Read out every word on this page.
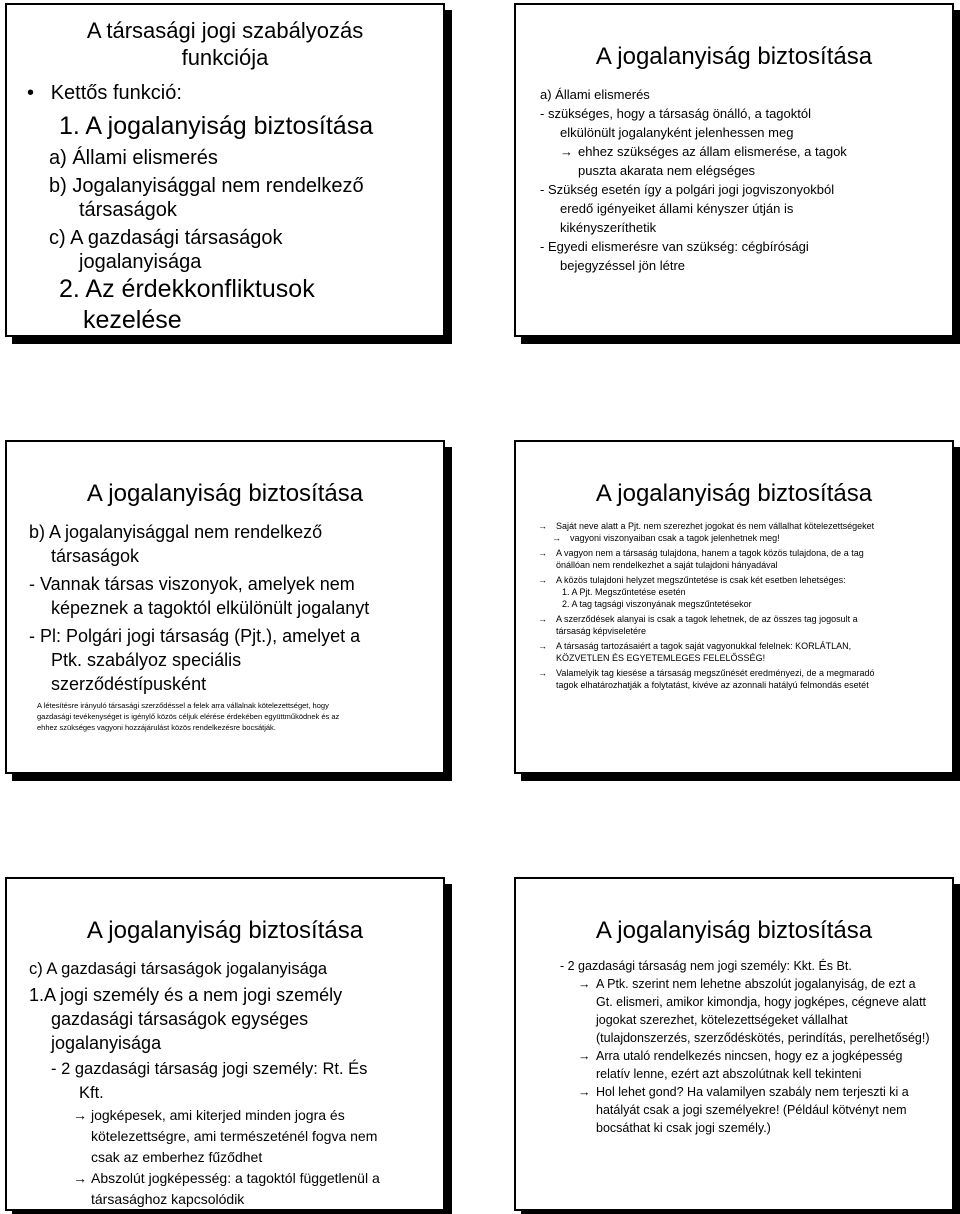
A társasági jogi szabályozás
funkciója
• Kettős funkció:
1. A jogalanyiság biztosítása
a) Állami elismerés
b) Jogalanyisággal nem rendelkező
társaságok
c) A gazdasági társaságok
jogalanyisága
2. Az érdekkonfliktusok
kezelése
A jogalanyiság biztosítása
a) Állami elismerés
- szükséges, hogy a társaság önálló, a tagoktól
elkülönült jogalanyként jelenhessen meg
→ ehhez szükséges az állam elismerése, a tagok
puszta akarata nem elégséges
- Szükség esetén így a polgári jogi jogviszonyokból
eredő igényeiket állami kényszer útján is
kikényszeríthetik
- Egyedi elismerésre van szükség: cégbírósági
bejegyzéssel jön létre
A jogalanyiság biztosítása
b) A jogalanyisággal nem rendelkező
társaságok
- Vannak társas viszonyok, amelyek nem
képeznek a tagoktól elkülönült jogalanyt
- Pl: Polgári jogi társaság (Pjt.), amelyet a
Ptk. szabályoz speciális
szerződéstípusként
A létesítésre irányuló társasági szerződéssel a felek arra vállalnak kötelezettséget, hogy
gazdasági tevékenységet is igénylő közös céljuk elérése érdekében együttműködnek és az
ehhez szükséges vagyoni hozzájárulást közös rendelkezésre bocsátják.
A jogalanyiság biztosítása
→ Saját neve alatt a Pjt. nem szerezhet jogokat és nem vállalhat kötelezettségeket
→ vagyoni viszonyaiban csak a tagok jelenhetnek meg!
→ A vagyon nem a társaság tulajdona, hanem a tagok közös tulajdona, de a tag
önállóan nem rendelkezhet a saját tulajdoni hányadával
→ A közös tulajdoni helyzet megszűntetése is csak két esetben lehetséges:
1. A Pjt. Megszűntetése esetén
2. A tag tagsági viszonyának megszűntetésekor
→ A szerződések alanyai is csak a tagok lehetnek, de az összes tag jogosult a
társaság képviseletére
→ A társaság tartozásaiért a tagok saját vagyonukkal felelnek: KORLÁTLAN,
KÖZVETLEN ÉS EGYETEMLEGES FELELŐSSÉG!
→ Valamelyik tag kiesése a társaság megszűnését eredményezi, de a megmaradó
tagok elhatározhatják a folytatást, kivéve az azonnali hatályú felmondás esetét
A jogalanyiság biztosítása
c) A gazdasági társaságok jogalanyisága
1.A jogi személy és a nem jogi személy
gazdasági társaságok egységes
jogalanyisága
- 2 gazdasági társaság jogi személy: Rt. És
Kft.
→ jogképesek, ami kiterjed minden jogra és
kötelezettségre, ami természeténél fogva nem
csak az emberhez fűződhet
→ Abszolút jogképesség: a tagoktól függetlenül a
társasághoz kapcsolódik
A jogalanyiság biztosítása
- 2 gazdasági társaság nem jogi személy: Kkt. És Bt.
→ A Ptk. szerint nem lehetne abszolút jogalanyiság, de ezt a
Gt. elismeri, amikor kimondja, hogy jogképes, cégneve alatt
jogokat szerezhet, kötelezettségeket vállalhat
(tulajdonszerzés, szerződéskötés, perindítás, perelhetőség!)
→ Arra utaló rendelkezés nincsen, hogy ez a jogképesség
relatív lenne, ezért azt abszolútnak kell tekinteni
→ Hol lehet gond? Ha valamilyen szabály nem terjeszti ki a
hatályát csak a jogi személyekre! (Például kötvényt nem
bocsáthat ki csak jogi személy.)
